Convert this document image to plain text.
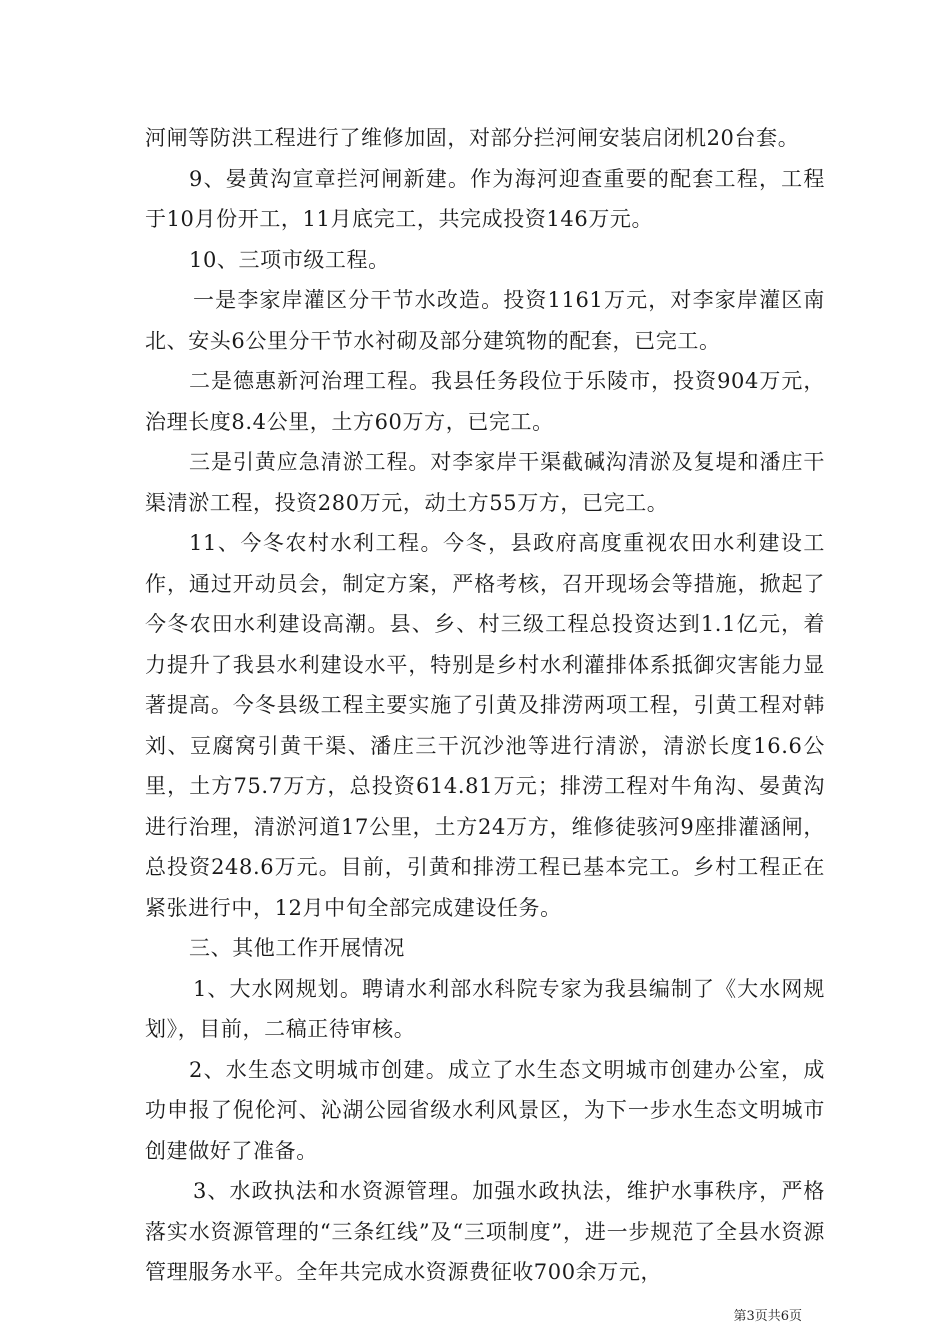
河闸等防洪工程进行了维修加固，对部分拦河闸安装启闭机20台套。

9、晏黄沟宣章拦河闸新建。作为海河迎查重要的配套工程，工程于10月份开工，11月底完工，共完成投资146万元。

10、三项市级工程。

一是李家岸灌区分干节水改造。投资1161万元，对李家岸灌区南北、安头6公里分干节水衬砌及部分建筑物的配套，已完工。

二是德惠新河治理工程。我县任务段位于乐陵市，投资904万元，治理长度8.4公里，土方60万方，已完工。

三是引黄应急清淤工程。对李家岸干渠截碱沟清淤及复堤和潘庄干渠清淤工程，投资280万元，动土方55万方，已完工。

11、今冬农村水利工程。今冬，县政府高度重视农田水利建设工作，通过开动员会，制定方案，严格考核，召开现场会等措施，掀起了今冬农田水利建设高潮。县、乡、村三级工程总投资达到1.1亿元，着力提升了我县水利建设水平，特别是乡村水利灌排体系抵御灾害能力显著提高。今冬县级工程主要实施了引黄及排涝两项工程，引黄工程对韩刘、豆腐窝引黄干渠、潘庄三干沉沙池等进行清淤，清淤长度16.6公里，土方75.7万方，总投资614.81万元；排涝工程对牛角沟、晏黄沟进行治理，清淤河道17公里，土方24万方，维修徒骇河9座排灌涵闸，总投资248.6万元。目前，引黄和排涝工程已基本完工。乡村工程正在紧张进行中，12月中旬全部完成建设任务。

三、其他工作开展情况

1、大水网规划。聘请水利部水科院专家为我县编制了《大水网规划》，目前，二稿正待审核。

2、水生态文明城市创建。成立了水生态文明城市创建办公室，成功申报了倪伦河、沁湖公园省级水利风景区，为下一步水生态文明城市创建做好了准备。

3、水政执法和水资源管理。加强水政执法，维护水事秩序，严格落实水资源管理的“三条红线”及“三项制度”，进一步规范了全县水资源管理服务水平。全年共完成水资源费征收700余万元，

第3页共6页
